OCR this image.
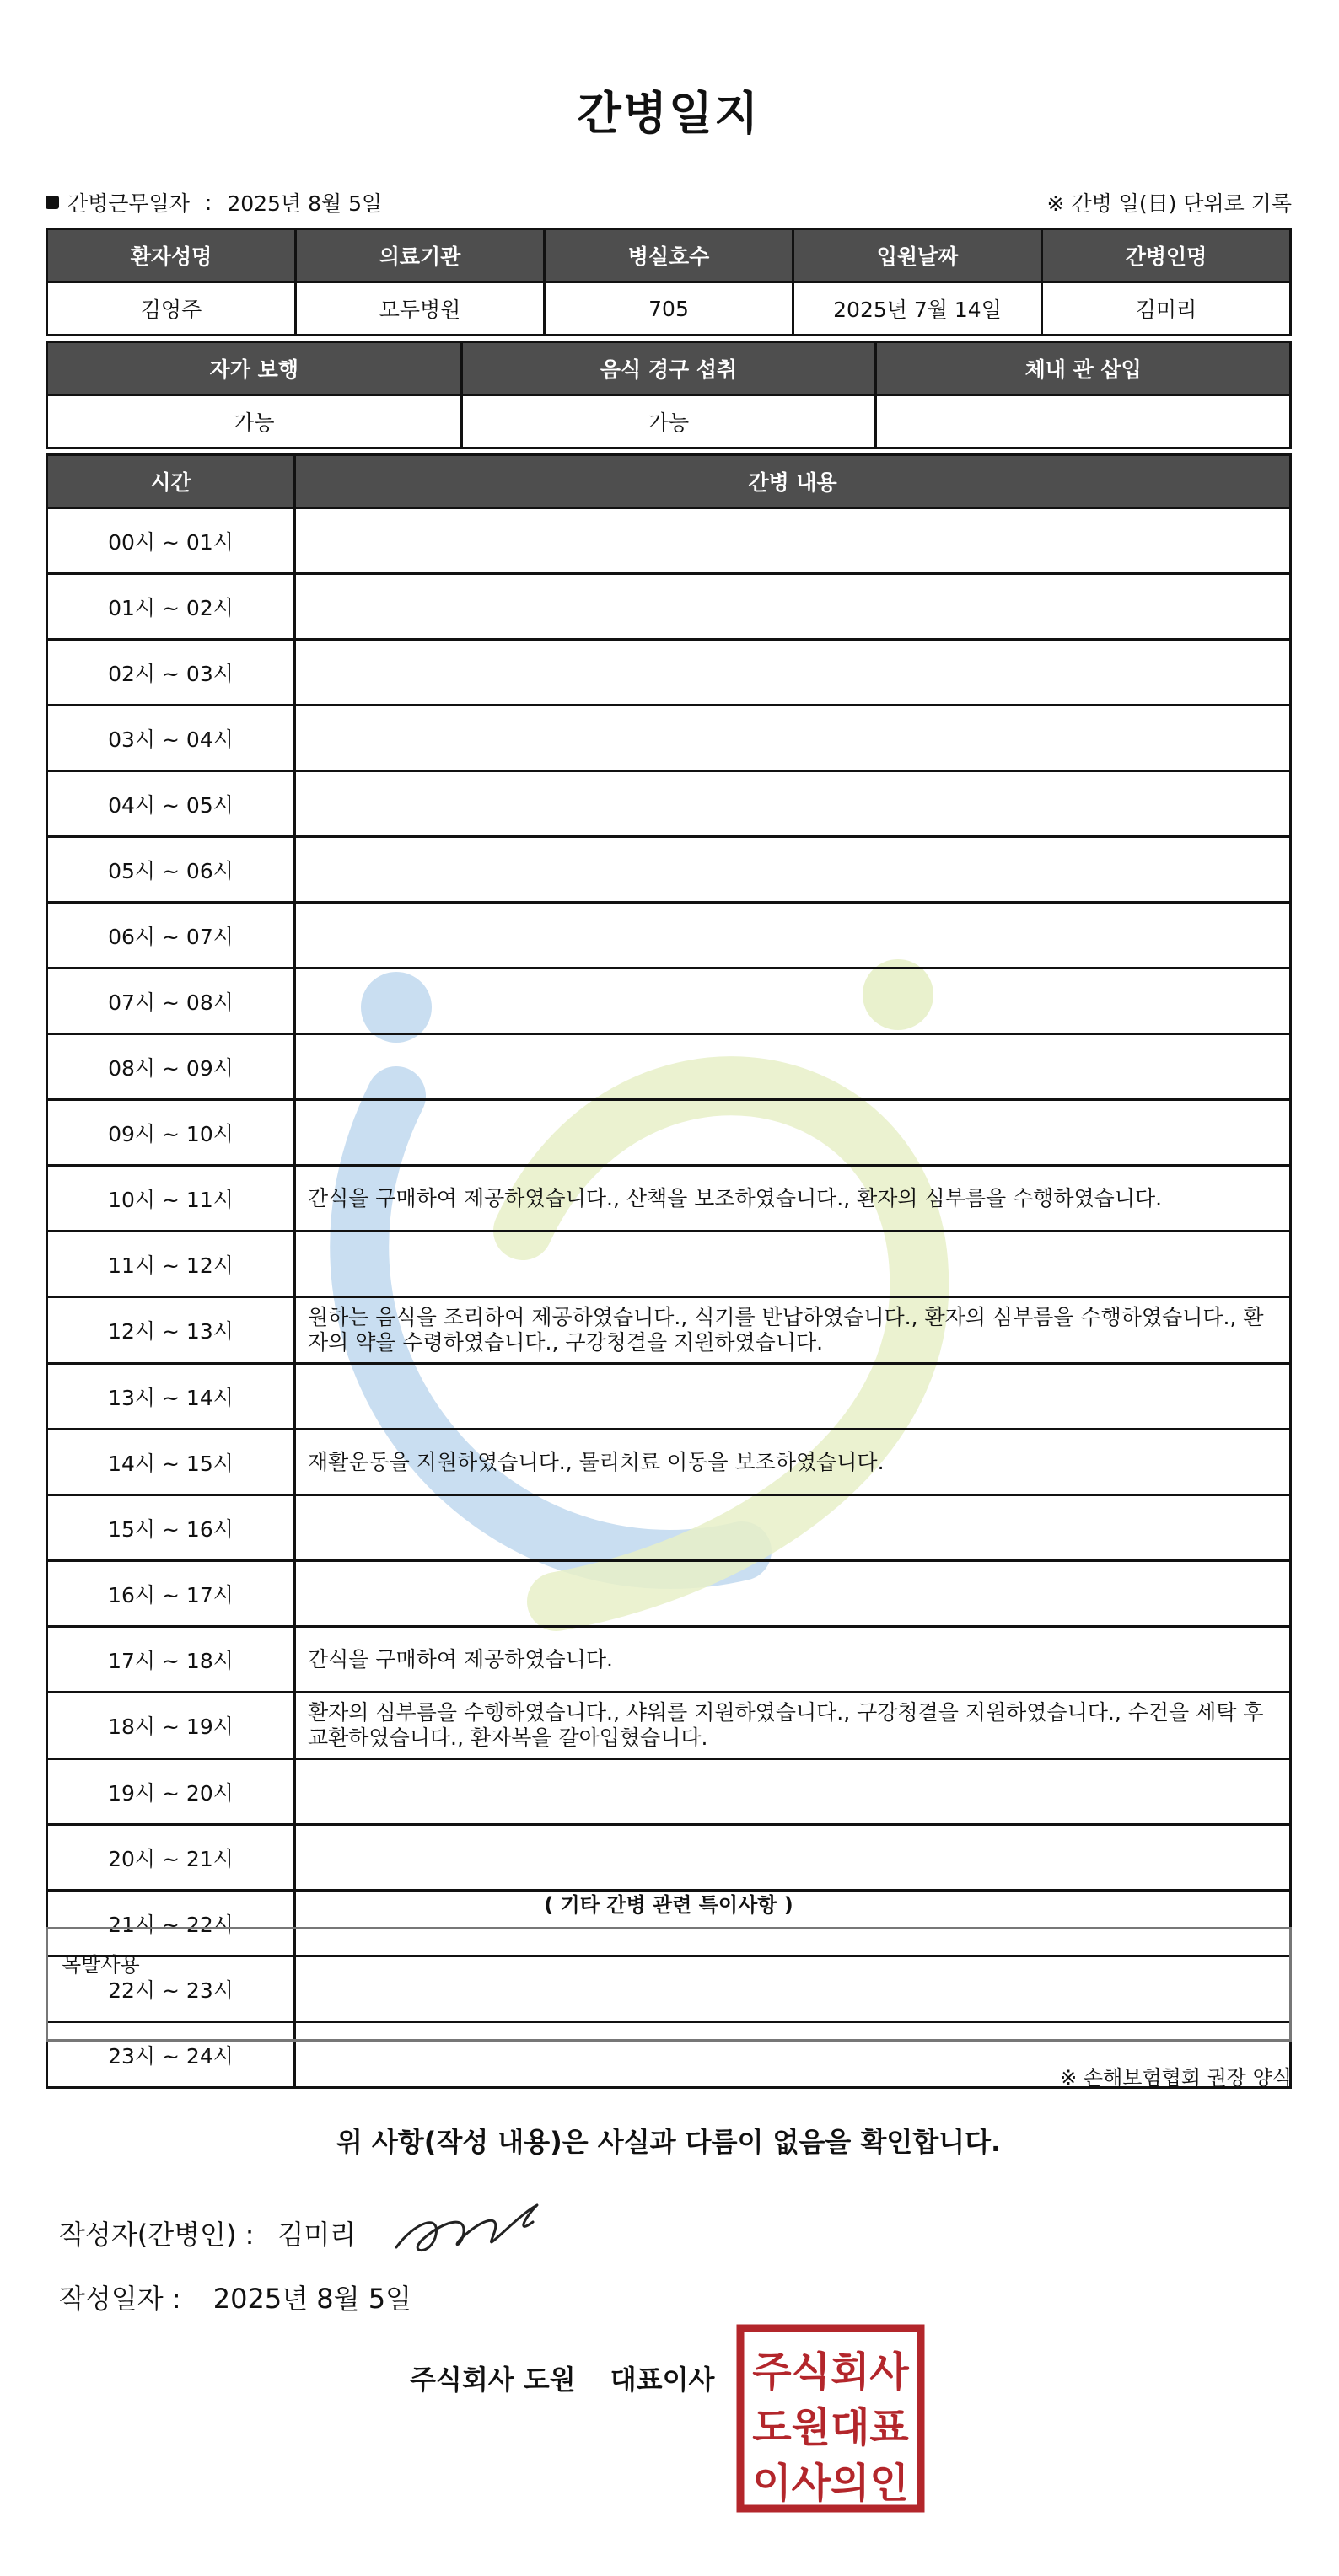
간병일지
간병근무일자 : 2025년 8월 5일	※ 간병 일(日) 단위로 기록
환자성명	의료기관	병실호수	입원날짜	간병인명
김영주	모두병원	705	2025년 7월 14일	김미리
자가 보행	음식 경구 섭취	체내 관 삽입
가능	가능	
시간	간병 내용
00시 ~ 01시	
01시 ~ 02시	
02시 ~ 03시	
03시 ~ 04시	
04시 ~ 05시	
05시 ~ 06시	
06시 ~ 07시	
07시 ~ 08시	
08시 ~ 09시	
09시 ~ 10시	
10시 ~ 11시	간식을 구매하여 제공하였습니다., 산책을 보조하였습니다., 환자의 심부름을 수행하였습니다.
11시 ~ 12시	
12시 ~ 13시	원하는 음식을 조리하여 제공하였습니다., 식기를 반납하였습니다., 환자의 심부름을 수행하였습니다., 환자의 약을 수령하였습니다., 구강청결을 지원하였습니다.
13시 ~ 14시	
14시 ~ 15시	재활운동을 지원하였습니다., 물리치료 이동을 보조하였습니다.
15시 ~ 16시	
16시 ~ 17시	
17시 ~ 18시	간식을 구매하여 제공하였습니다.
18시 ~ 19시	환자의 심부름을 수행하였습니다., 샤워를 지원하였습니다., 구강청결을 지원하였습니다., 수건을 세탁 후 교환하였습니다., 환자복을 갈아입혔습니다.
19시 ~ 20시	
20시 ~ 21시	
21시 ~ 22시	
22시 ~ 23시	
23시 ~ 24시	
( 기타 간병 관련 특이사항 )
목발사용
※ 손해보험협회 권장 양식
위 사항(작성 내용)은 사실과 다름이 없음을 확인합니다.
작성자(간병인) : 김미리
작성일자 : 2025년 8월 5일
주식회사 도원 대표이사 주식회사
도원대표
이사의인
